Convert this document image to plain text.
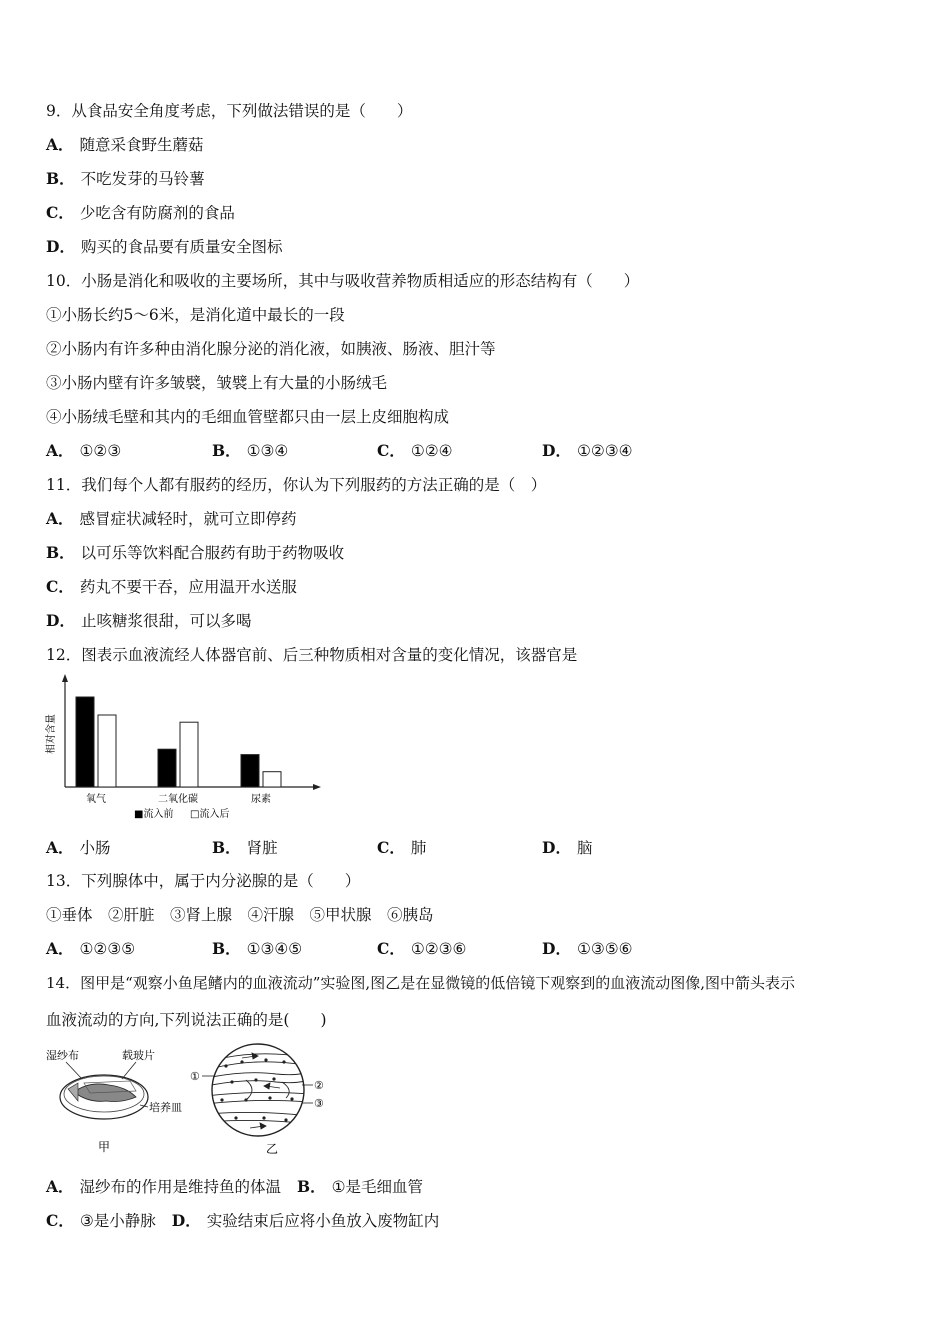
9．从食品安全角度考虑，下列做法错误的是（　　）
A． 随意采食野生蘑菇
B． 不吃发芽的马铃薯
C． 少吃含有防腐剂的食品
D． 购买的食品要有质量安全图标
10．小肠是消化和吸收的主要场所，其中与吸收营养物质相适应的形态结构有（　　）
①小肠长约5～6米，是消化道中最长的一段
②小肠内有许多种由消化腺分泌的消化液，如胰液、肠液、胆汁等
③小肠内壁有许多皱襞，皱襞上有大量的小肠绒毛
④小肠绒毛壁和其内的毛细血管壁都只由一层上皮细胞构成
A． ①②③	B． ①③④	C． ①②④	D． ①②③④
11．我们每个人都有服药的经历，你认为下列服药的方法正确的是（　）
A． 感冒症状减轻时，就可立即停药
B． 以可乐等饮料配合服药有助于药物吸收
C． 药丸不要干吞，应用温开水送服
D． 止咳糖浆很甜，可以多喝
12．图表示血液流经人体器官前、后三种物质相对含量的变化情况，该器官是
相对含量
氧气	二氧化碳	尿素
■流入前 □流入后
A． 小肠	B． 肾脏	C． 肺	D． 脑
13．下列腺体中，属于内分泌腺的是（　　）
①垂体　②肝脏　③肾上腺　④汗腺　⑤甲状腺　⑥胰岛
A． ①②③⑤	B． ①③④⑤	C． ①②③⑥	D． ①③⑤⑥
14．图甲是“观察小鱼尾鳍内的血液流动”实验图,图乙是在显微镜的低倍镜下观察到的血液流动图像,图中箭头表示
血液流动的方向,下列说法正确的是(　　)
湿纱布	载玻片
培养皿
甲
①
②
③
乙
A． 湿纱布的作用是维持鱼的体温 B． ①是毛细血管
C． ③是小静脉 D． 实验结束后应将小鱼放入废物缸内
